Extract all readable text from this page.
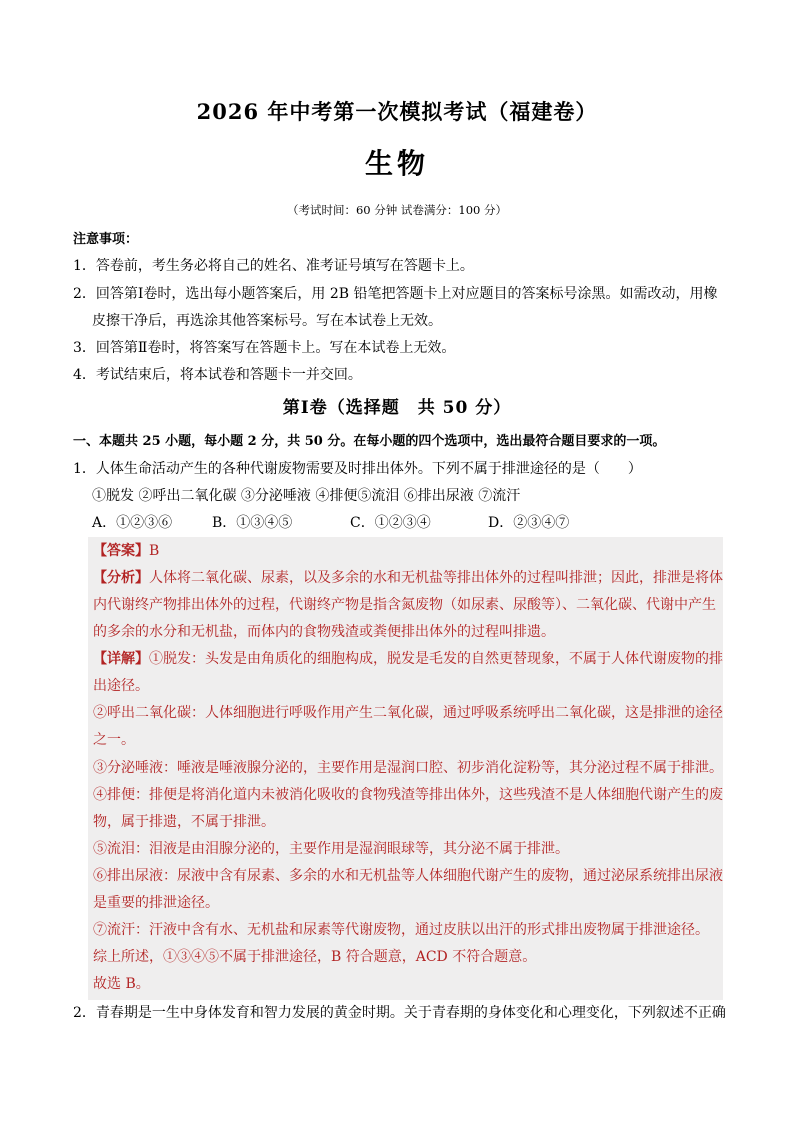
2026 年中考第一次模拟考试（福建卷）
生物
（考试时间：60 分钟 试卷满分：100 分）
注意事项：
1．答卷前，考生务必将自己的姓名、准考证号填写在答题卡上。
2．回答第Ⅰ卷时，选出每小题答案后，用 2B 铅笔把答题卡上对应题目的答案标号涂黑。如需改动，用橡
皮擦干净后，再选涂其他答案标号。写在本试卷上无效。
3．回答第Ⅱ卷时，将答案写在答题卡上。写在本试卷上无效。
4．考试结束后，将本试卷和答题卡一并交回。
第Ⅰ卷（选择题　共 50 分）
一、本题共 25 小题，每小题 2 分，共 50 分。在每小题的四个选项中，选出最符合题目要求的一项。
1．人体生命活动产生的各种代谢废物需要及时排出体外。下列不属于排泄途径的是（　　）
①脱发 ②呼出二氧化碳 ③分泌唾液 ④排便⑤流泪 ⑥排出尿液 ⑦流汗
A．①②③⑥	B．①③④⑤	C．①②③④	D．②③④⑦
【答案】B
【分析】人体将二氧化碳、尿素，以及多余的水和无机盐等排出体外的过程叫排泄；因此，排泄是将体
内代谢终产物排出体外的过程，代谢终产物是指含氮废物（如尿素、尿酸等）、二氧化碳、代谢中产生
的多余的水分和无机盐，而体内的食物残渣或粪便排出体外的过程叫排遗。
【详解】①脱发：头发是由角质化的细胞构成，脱发是毛发的自然更替现象，不属于人体代谢废物的排
出途径。
②呼出二氧化碳：人体细胞进行呼吸作用产生二氧化碳，通过呼吸系统呼出二氧化碳，这是排泄的途径
之一。
③分泌唾液：唾液是唾液腺分泌的，主要作用是湿润口腔、初步消化淀粉等，其分泌过程不属于排泄。
④排便：排便是将消化道内未被消化吸收的食物残渣等排出体外，这些残渣不是人体细胞代谢产生的废
物，属于排遗，不属于排泄。
⑤流泪：泪液是由泪腺分泌的，主要作用是湿润眼球等，其分泌不属于排泄。
⑥排出尿液：尿液中含有尿素、多余的水和无机盐等人体细胞代谢产生的废物，通过泌尿系统排出尿液
是重要的排泄途径。
⑦流汗：汗液中含有水、无机盐和尿素等代谢废物，通过皮肤以出汗的形式排出废物属于排泄途径。
综上所述，①③④⑤不属于排泄途径，B 符合题意，ACD 不符合题意。
故选 B。
2．青春期是一生中身体发育和智力发展的黄金时期。关于青春期的身体变化和心理变化，下列叙述不正确
